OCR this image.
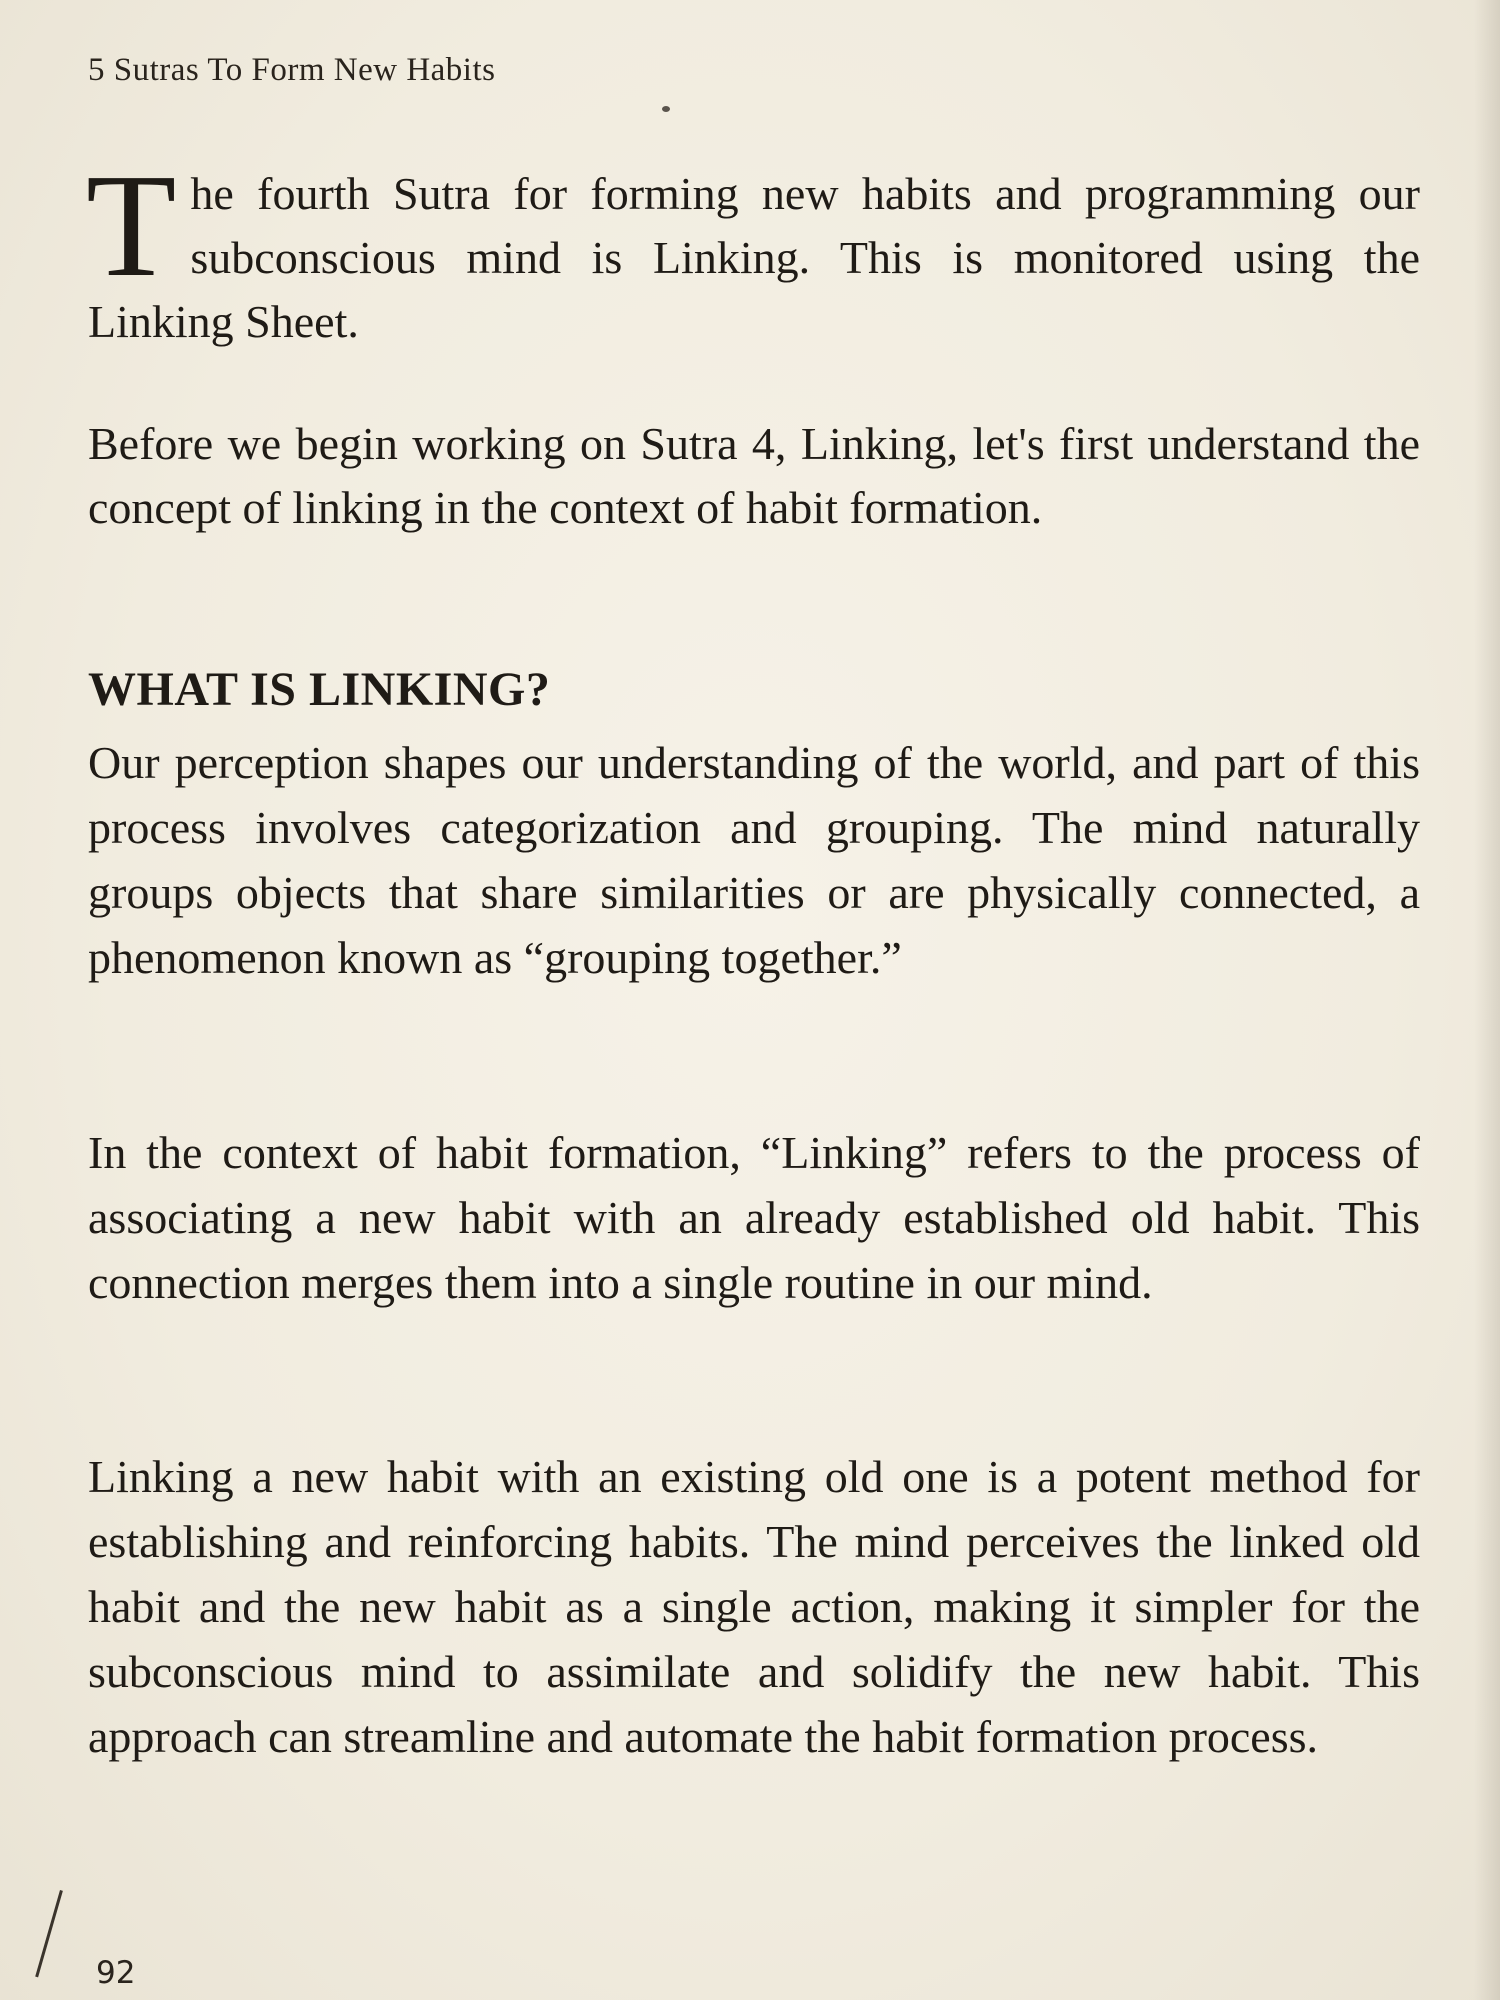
5 Sutras To Form New Habits

The fourth Sutra for forming new habits and programming our subconscious mind is Linking. This is monitored using the Linking Sheet.

Before we begin working on Sutra 4, Linking, let's first understand the concept of linking in the context of habit formation.

WHAT IS LINKING?

Our perception shapes our understanding of the world, and part of this process involves categorization and grouping. The mind naturally groups objects that share similarities or are physically connected, a phenomenon known as “grouping together.”

In the context of habit formation, “Linking” refers to the process of associating a new habit with an already established old habit. This connection merges them into a single routine in our mind.

Linking a new habit with an existing old one is a potent method for establishing and reinforcing habits. The mind perceives the linked old habit and the new habit as a single action, making it simpler for the subconscious mind to assimilate and solidify the new habit. This approach can streamline and automate the habit formation process.

92
